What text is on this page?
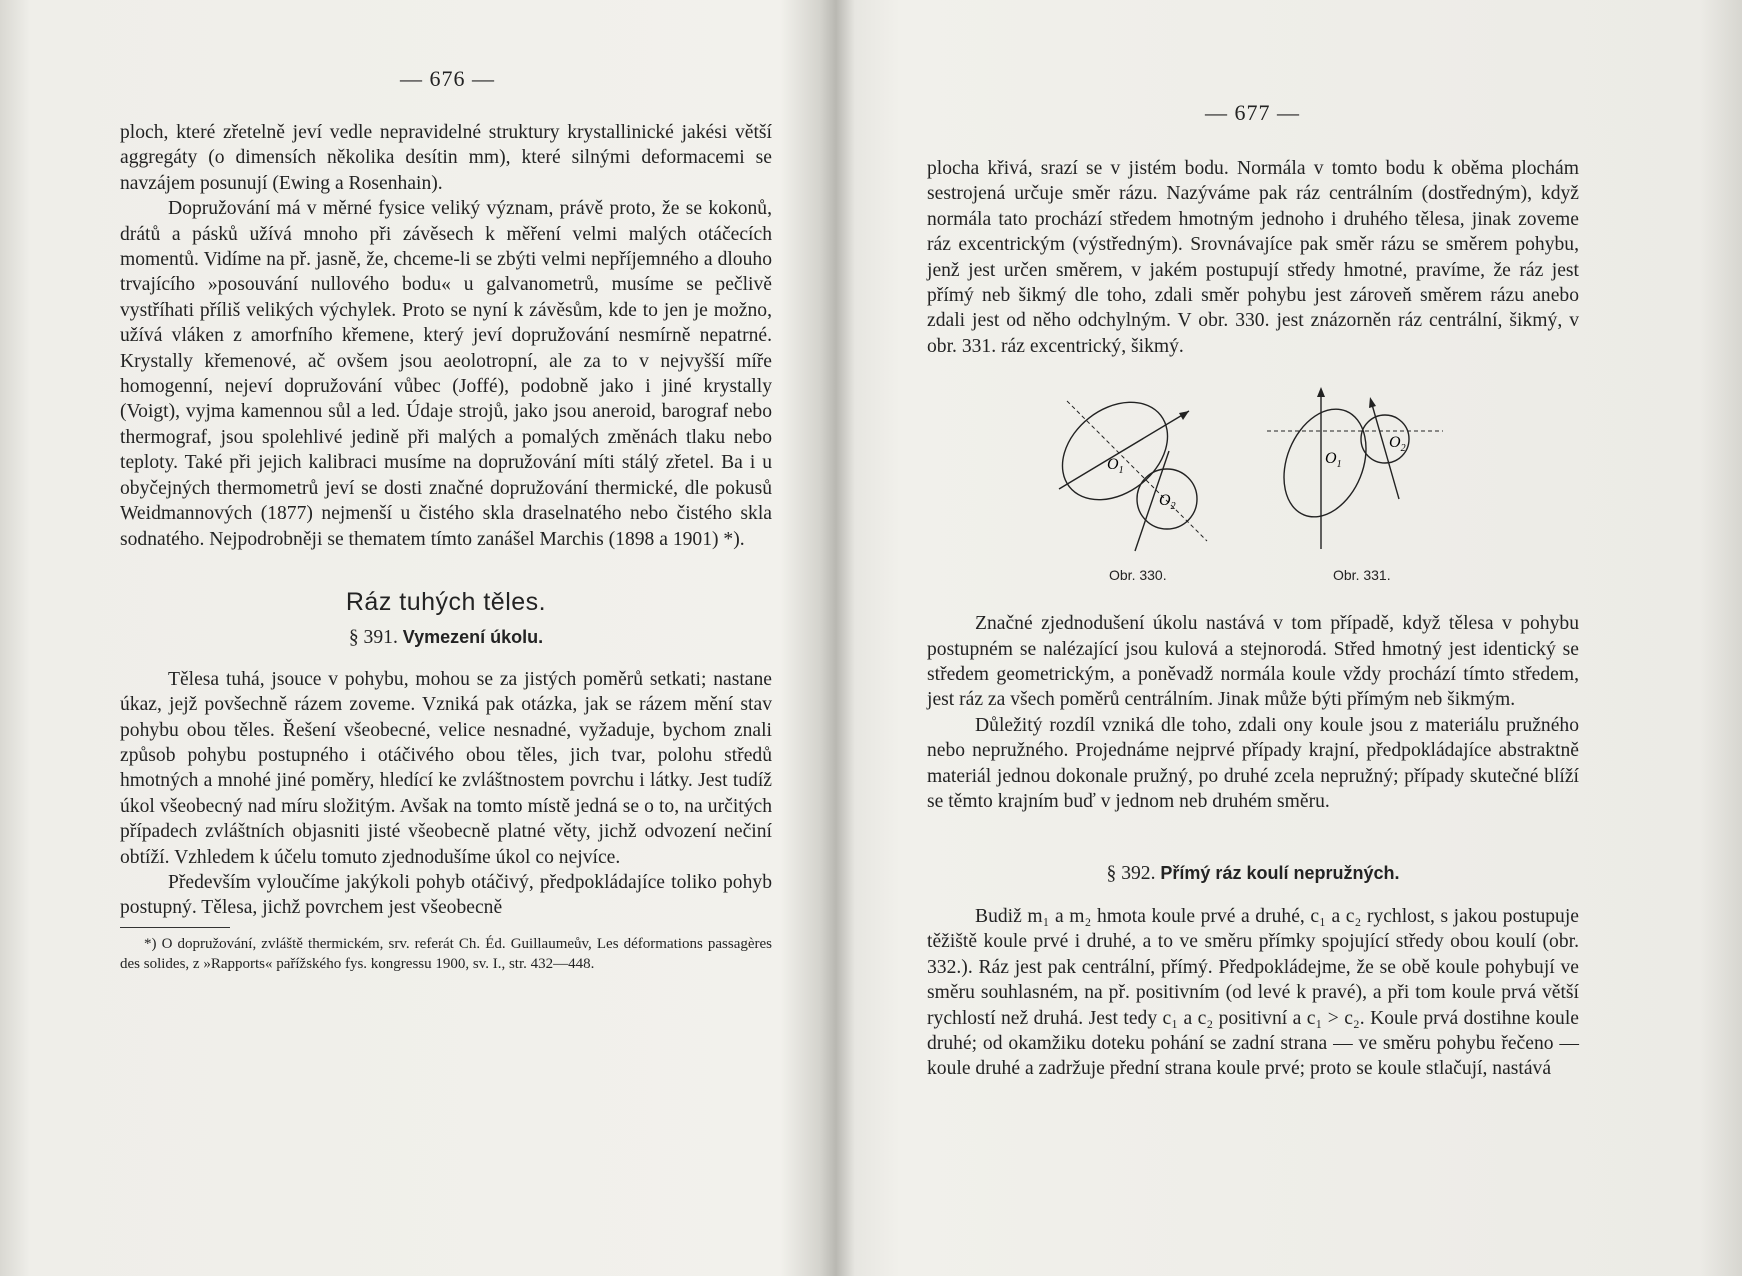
— 676 —

ploch, které zřetelně jeví vedle nepravidelné struktury krystallinické jakési větší aggregáty (o dimensích několika desítin mm), které silnými deformacemi se navzájem posunují (Ewing a Rosenhain).

Dopružování má v měrné fysice veliký význam, právě proto, že se kokonů, drátů a pásků užívá mnoho při závěsech k měření velmi malých otáčecích momentů. Vidíme na př. jasně, že, chceme-li se zbýti velmi nepříjemného a dlouho trvajícího »posouvání nullového bodu« u galvanometrů, musíme se pečlivě vystříhati příliš velikých výchylek. Proto se nyní k závěsům, kde to jen je možno, užívá vláken z amorfního křemene, který jeví dopružování nesmírně nepatrné. Krystally křemenové, ač ovšem jsou aeolotropní, ale za to v nejvyšší míře homogenní, nejeví dopružování vůbec (Joffé), podobně jako i jiné krystally (Voigt), vyjma kamennou sůl a led. Údaje strojů, jako jsou aneroid, barograf nebo thermograf, jsou spolehlivé jedině při malých a pomalých změnách tlaku nebo teploty. Také při jejich kalibraci musíme na dopružování míti stálý zřetel. Ba i u obyčejných thermometrů jeví se dosti značné dopružování thermické, dle pokusů Weidmannových (1877) nejmenší u čistého skla draselnatého nebo čistého skla sodnatého. Nejpodrobněji se thematem tímto zanášel Marchis (1898 a 1901) *).

Ráz tuhých těles.
§ 391. Vymezení úkolu.

Tělesa tuhá, jsouce v pohybu, mohou se za jistých poměrů setkati; nastane úkaz, jejž povšechně rázem zoveme. Vzniká pak otázka, jak se rázem mění stav pohybu obou těles. Řešení všeobecné, velice nesnadné, vyžaduje, bychom znali způsob pohybu postupného i otáčivého obou těles, jich tvar, polohu středů hmotných a mnohé jiné poměry, hledící ke zvláštnostem povrchu i látky. Jest tudíž úkol všeobecný nad míru složitým. Avšak na tomto místě jedná se o to, na určitých případech zvláštních objasniti jisté všeobecně platné věty, jichž odvození nečiní obtíží. Vzhledem k účelu tomuto zjednodušíme úkol co nejvíce.

Především vyloučíme jakýkoli pohyb otáčivý, předpokládajíce toliko pohyb postupný. Tělesa, jichž povrchem jest všeobecně

*) O dopružování, zvláště thermickém, srv. referát Ch. Éd. Guillaumeův, Les déformations passagères des solides, z »Rapports« pařížského fys. kongressu 1900, sv. I., str. 432—448.

— 677 —

plocha křivá, srazí se v jistém bodu. Normála v tomto bodu k oběma plochám sestrojená určuje směr rázu. Nazýváme pak ráz centrálním (dostředným), když normála tato prochází středem hmotným jednoho i druhého tělesa, jinak zoveme ráz excentrickým (výstředným). Srovnávajíce pak směr rázu se směrem pohybu, jenž jest určen směrem, v jakém postupují středy hmotné, pravíme, že ráz jest přímý neb šikmý dle toho, zdali směr pohybu jest zároveň směrem rázu anebo zdali jest od něho odchylným. V obr. 330. jest znázorněn ráz centrální, šikmý, v obr. 331. ráz excentrický, šikmý.

$O_1$
$O_2$
Obr. 330.
$O_1$
$O_2$
Obr. 331.

Značné zjednodušení úkolu nastává v tom případě, když tělesa v pohybu postupném se nalézající jsou kulová a stejnorodá. Střed hmotný jest identický se středem geometrickým, a poněvadž normála koule vždy prochází tímto středem, jest ráz za všech poměrů centrálním. Jinak může býti přímým neb šikmým.

Důležitý rozdíl vzniká dle toho, zdali ony koule jsou z materiálu pružného nebo nepružného. Projednáme nejprvé případy krajní, předpokládajíce abstraktně materiál jednou dokonale pružný, po druhé zcela nepružný; případy skutečné blíží se těmto krajním buď v jednom neb druhém směru.

§ 392. Přímý ráz koulí nepružných.

Budiž m₁ a m₂ hmota koule prvé a druhé, c₁ a c₂ rychlost, s jakou postupuje těžiště koule prvé i druhé, a to ve směru přímky spojující středy obou koulí (obr. 332.). Ráz jest pak centrální, přímý. Předpokládejme, že se obě koule pohybují ve směru souhlasném, na př. positivním (od levé k pravé), a při tom koule prvá větší rychlostí než druhá. Jest tedy c₁ a c₂ positivní a c₁ > c₂. Koule prvá dostihne koule druhé; od okamžiku doteku pohání se zadní strana — ve směru pohybu řečeno — koule druhé a zadržuje přední strana koule prvé; proto se koule stlačují, nastává
